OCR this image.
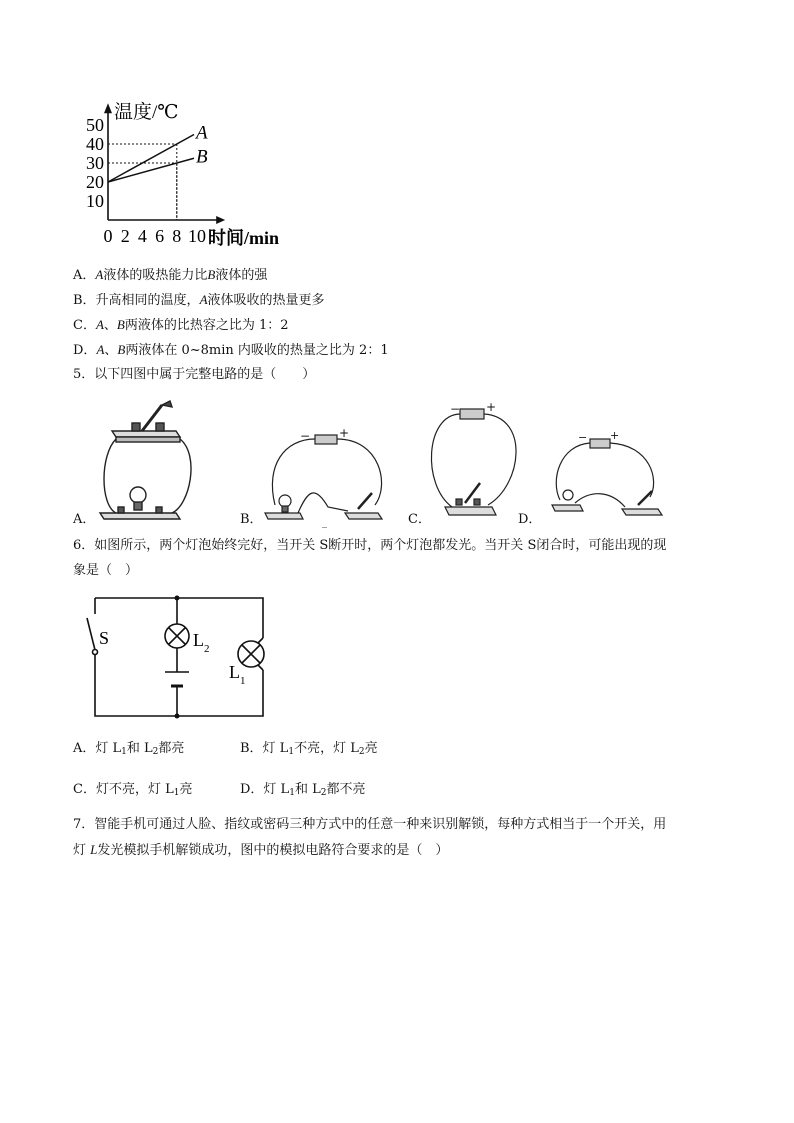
10
20
30
40
50
0 2 4 6 8 10
温度/℃
时间/min
A
B
A．A液体的吸热能力比B液体的强
B．升高相同的温度，A液体吸收的热量更多
C．A、B两液体的比热容之比为 1：2
D．A、B两液体在 0~8min 内吸收的热量之比为 2：1
5．以下四图中属于完整电路的是（　　）
− +
_
− +
− +
A．	B．	C．	D．
6．如图所示，两个灯泡始终完好，当开关 S断开时，两个灯泡都发光。当开关 S闭合时，可能出现的现
象是（　）
S	L 2
L 1
A．灯 $L_1$和 $L_2$都亮	B．灯 $L_1$不亮，灯 $L_2$亮
C．灯不亮，灯 $L_1$亮	D．灯 $L_1$和 $L_2$都不亮
7．智能手机可通过人脸、指纹或密码三种方式中的任意一种来识别解锁，每种方式相当于一个开关，用
灯 L发光模拟手机解锁成功，图中的模拟电路符合要求的是（　）
